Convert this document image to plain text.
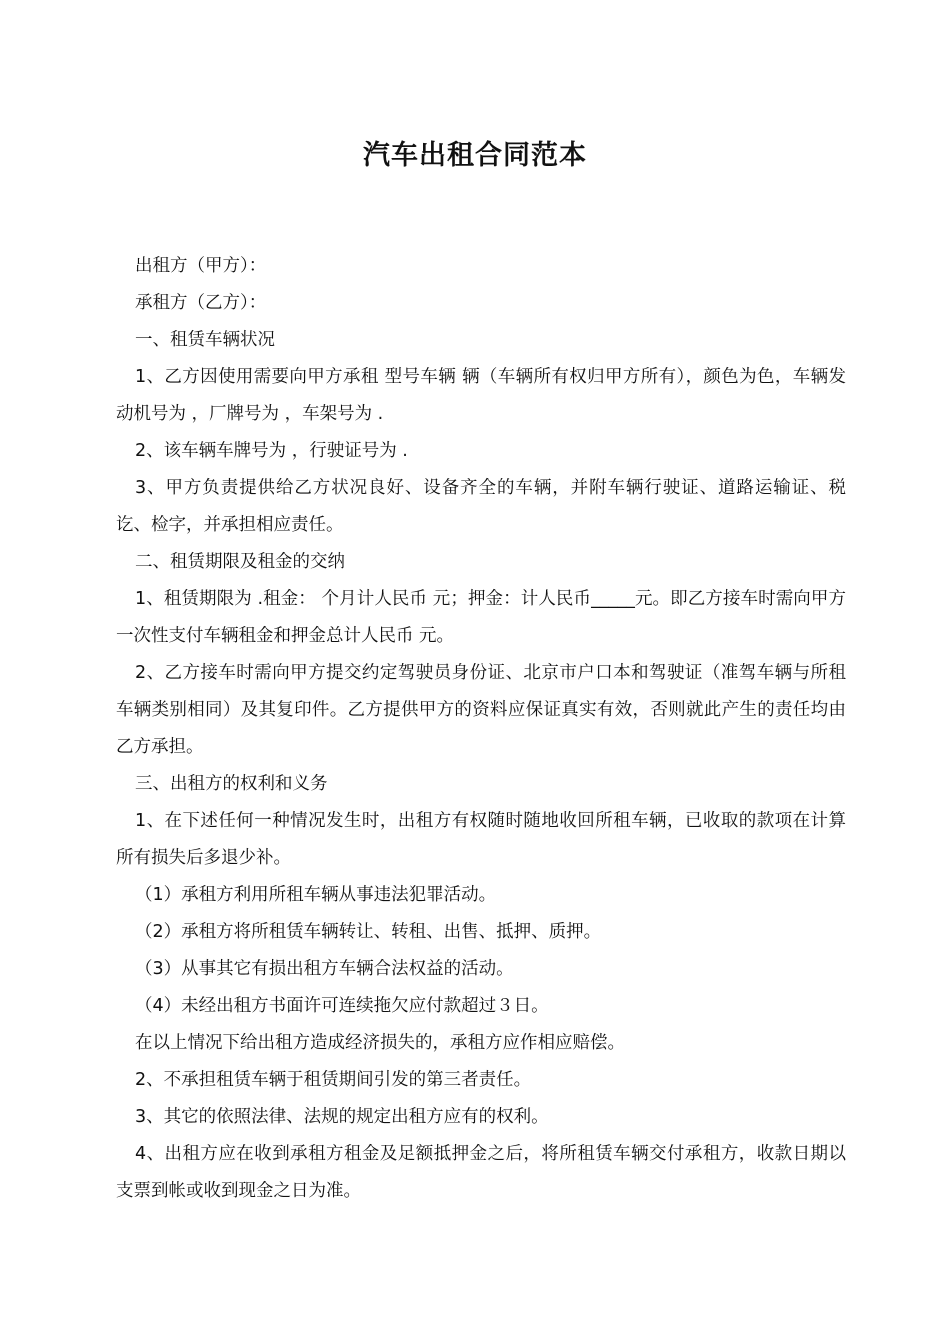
汽车出租合同范本

出租方（甲方）：

承租方（乙方）：

一、租赁车辆状况

1、乙方因使用需要向甲方承租 型号车辆 辆（车辆所有权归甲方所有），颜色为色，车辆发动机号为 ，厂牌号为 ，车架号为 .

2、该车辆车牌号为 ，行驶证号为 .

3、甲方负责提供给乙方状况良好、设备齐全的车辆，并附车辆行驶证、道路运输证、税讫、检字，并承担相应责任。

二、租赁期限及租金的交纳

1、租赁期限为 .租金： 个月计人民币 元；押金：计人民币_____元。即乙方接车时需向甲方一次性支付车辆租金和押金总计人民币 元。

2、乙方接车时需向甲方提交约定驾驶员身份证、北京市户口本和驾驶证（准驾车辆与所租车辆类别相同）及其复印件。乙方提供甲方的资料应保证真实有效，否则就此产生的责任均由乙方承担。

三、出租方的权利和义务

1、在下述任何一种情况发生时，出租方有权随时随地收回所租车辆，已收取的款项在计算所有损失后多退少补。

（1）承租方利用所租车辆从事违法犯罪活动。

（2）承租方将所租赁车辆转让、转租、出售、抵押、质押。

（3）从事其它有损出租方车辆合法权益的活动。

（4）未经出租方书面许可连续拖欠应付款超过３日。

在以上情况下给出租方造成经济损失的，承租方应作相应赔偿。

2、不承担租赁车辆于租赁期间引发的第三者责任。

3、其它的依照法律、法规的规定出租方应有的权利。

4、出租方应在收到承租方租金及足额抵押金之后，将所租赁车辆交付承租方，收款日期以支票到帐或收到现金之日为准。
